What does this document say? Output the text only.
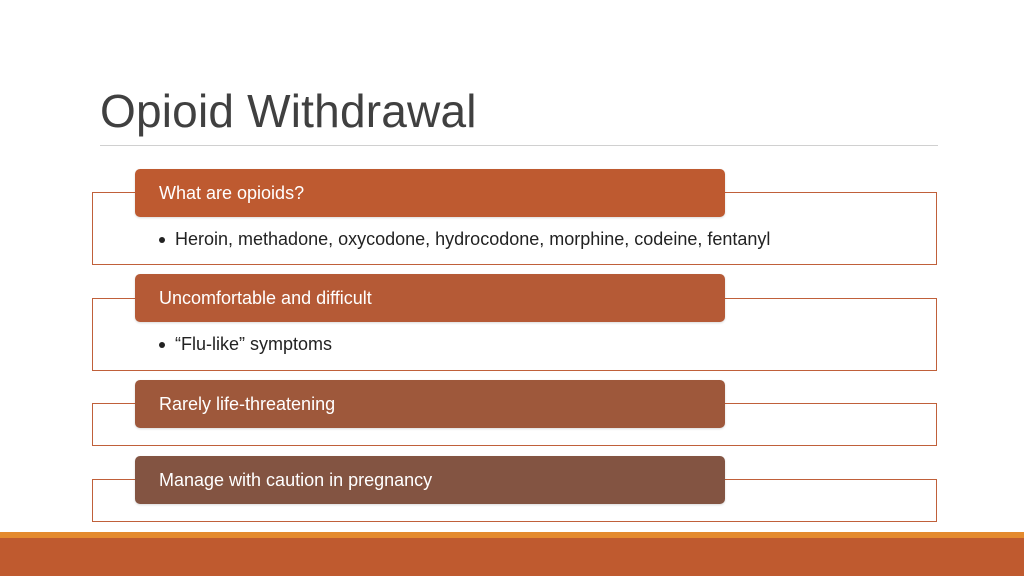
Opioid Withdrawal
What are opioids?
Heroin, methadone, oxycodone, hydrocodone, morphine, codeine, fentanyl
Uncomfortable and difficult
“Flu-like” symptoms
Rarely life-threatening
Manage with caution in pregnancy
